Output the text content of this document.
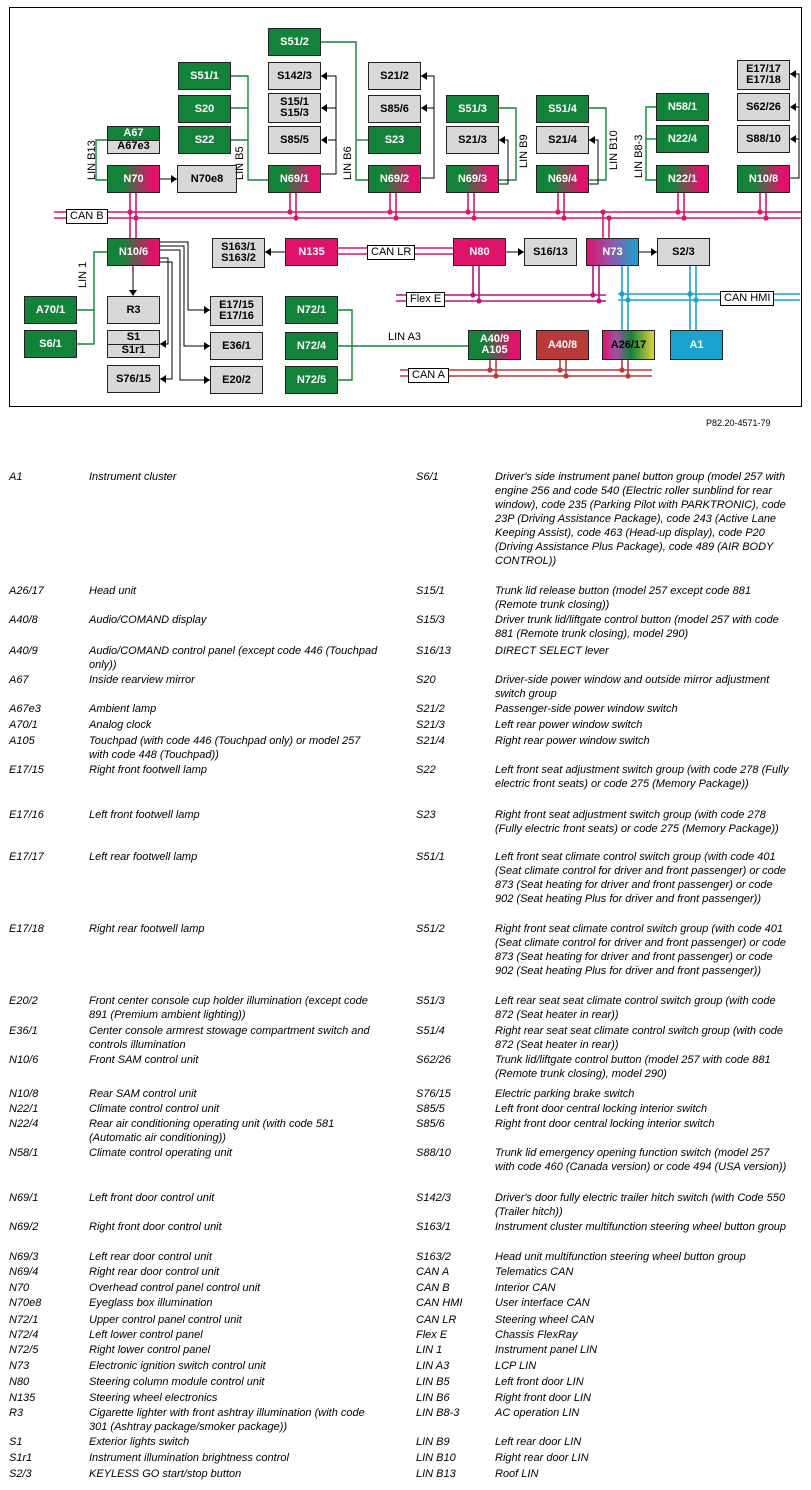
S51/2
S51/1	S142/3	S21/2
E17/17
E17/18
S20
S15/1
S15/3	S85/6	S51/3	S51/4	N58/1	S62/26
A67
A67e3
S22	S85/5	S23	S21/3	S21/4	N22/4	S88/10
N70	N70e8	N69/1	N69/2	N69/3	N69/4	N22/1	N10/8
N10/6	S163/1
S163/2
N135	N80	S16/13	N73	S2/3
A70/1	R3	E17/15
E17/16
N72/1
S6/1
S1
S1r1	E36/1	N72/4
A40/9
A105	A40/8	A26/17	A1
S76/15	E20/2	N72/5
CAN B
CAN LR
Flex E	CAN HMI
CAN A
LIN A3
LIN B13	LIN B5	LIN B6	LIN B9	LIN B10 LIN B8-3
LIN 1
P82.20-4571-79
A1	Instrument cluster
A26/17	Head unit
A40/8	Audio/COMAND display
A40/9	Audio/COMAND control panel (except code 446 (Touchpad only))
A67	Inside rearview mirror
A67e3	Ambient lamp
A70/1	Analog clock
A105	Touchpad (with code 446 (Touchpad only) or model 257 with code 448 (Touchpad))
E17/15	Right front footwell lamp
E17/16	Left front footwell lamp
E17/17	Left rear footwell lamp
E17/18	Right rear footwell lamp
E20/2	Front center console cup holder illumination (except code 891 (Premium ambient lighting))
E36/1	Center console armrest stowage compartment switch and controls illumination
N10/6	Front SAM control unit
N10/8	Rear SAM control unit
N22/1	Climate control control unit
N22/4	Rear air conditioning operating unit (with code 581 (Automatic air conditioning))
N58/1	Climate control operating unit
N69/1	Left front door control unit
N69/2	Right front door control unit
N69/3	Left rear door control unit
N69/4	Right rear door control unit
N70	Overhead control panel control unit
N70e8	Eyeglass box illumination
N72/1	Upper control panel control unit
N72/4	Left lower control panel
N72/5	Right lower control panel
N73	Electronic ignition switch control unit
N80	Steering column module control unit
N135	Steering wheel electronics
R3	Cigarette lighter with front ashtray illumination (with code 301 (Ashtray package/smoker package))
S1	Exterior lights switch
S1r1	Instrument illumination brightness control
S2/3	KEYLESS GO start/stop button
S6/1	Driver's side instrument panel button group (model 257 with engine 256 and code 540 (Electric roller sunblind for rear window), code 235 (Parking Pilot with PARKTRONIC), code 23P (Driving Assistance Package), code 243 (Active Lane Keeping Assist), code 463 (Head-up display), code P20 (Driving Assistance Plus Package), code 489 (AIR BODY CONTROL))
S15/1	Trunk lid release button (model 257 except code 881 (Remote trunk closing))
S15/3	Driver trunk lid/liftgate control button (model 257 with code 881 (Remote trunk closing), model 290)
S16/13	DIRECT SELECT lever
S20	Driver-side power window and outside mirror adjustment switch group
S21/2	Passenger-side power window switch
S21/3	Left rear power window switch
S21/4	Right rear power window switch
S22	Left front seat adjustment switch group (with code 278 (Fully electric front seats) or code 275 (Memory Package))
S23	Right front seat adjustment switch group (with code 278 (Fully electric front seats) or code 275 (Memory Package))
S51/1	Left front seat climate control switch group (with code 401 (Seat climate control for driver and front passenger) or code 873 (Seat heating for driver and front passenger) or code 902 (Seat heating Plus for driver and front passenger))
S51/2	Right front seat climate control switch group (with code 401 (Seat climate control for driver and front passenger) or code 873 (Seat heating for driver and front passenger) or code 902 (Seat heating Plus for driver and front passenger))
S51/3	Left rear seat seat climate control switch group (with code 872 (Seat heater in rear))
S51/4	Right rear seat seat climate control switch group (with code 872 (Seat heater in rear))
S62/26	Trunk lid/liftgate control button (model 257 with code 881 (Remote trunk closing), model 290)
S76/15	Electric parking brake switch
S85/5	Left front door central locking interior switch
S85/6	Right front door central locking interior switch
S88/10	Trunk lid emergency opening function switch (model 257 with code 460 (Canada version) or code 494 (USA version))
S142/3	Driver's door fully electric trailer hitch switch (with Code 550 (Trailer hitch))
S163/1	Instrument cluster multifunction steering wheel button group
S163/2	Head unit multifunction steering wheel button group
CAN A	Telematics CAN
CAN B	Interior CAN
CAN HMI	User interface CAN
CAN LR	Steering wheel CAN
Flex E	Chassis FlexRay
LIN 1	Instrument panel LIN
LIN A3	LCP LIN
LIN B5	Left front door LIN
LIN B6	Right front door LIN
LIN B8-3	AC operation LIN
LIN B9	Left rear door LIN
LIN B10	Right rear door LIN
LIN B13	Roof LIN
